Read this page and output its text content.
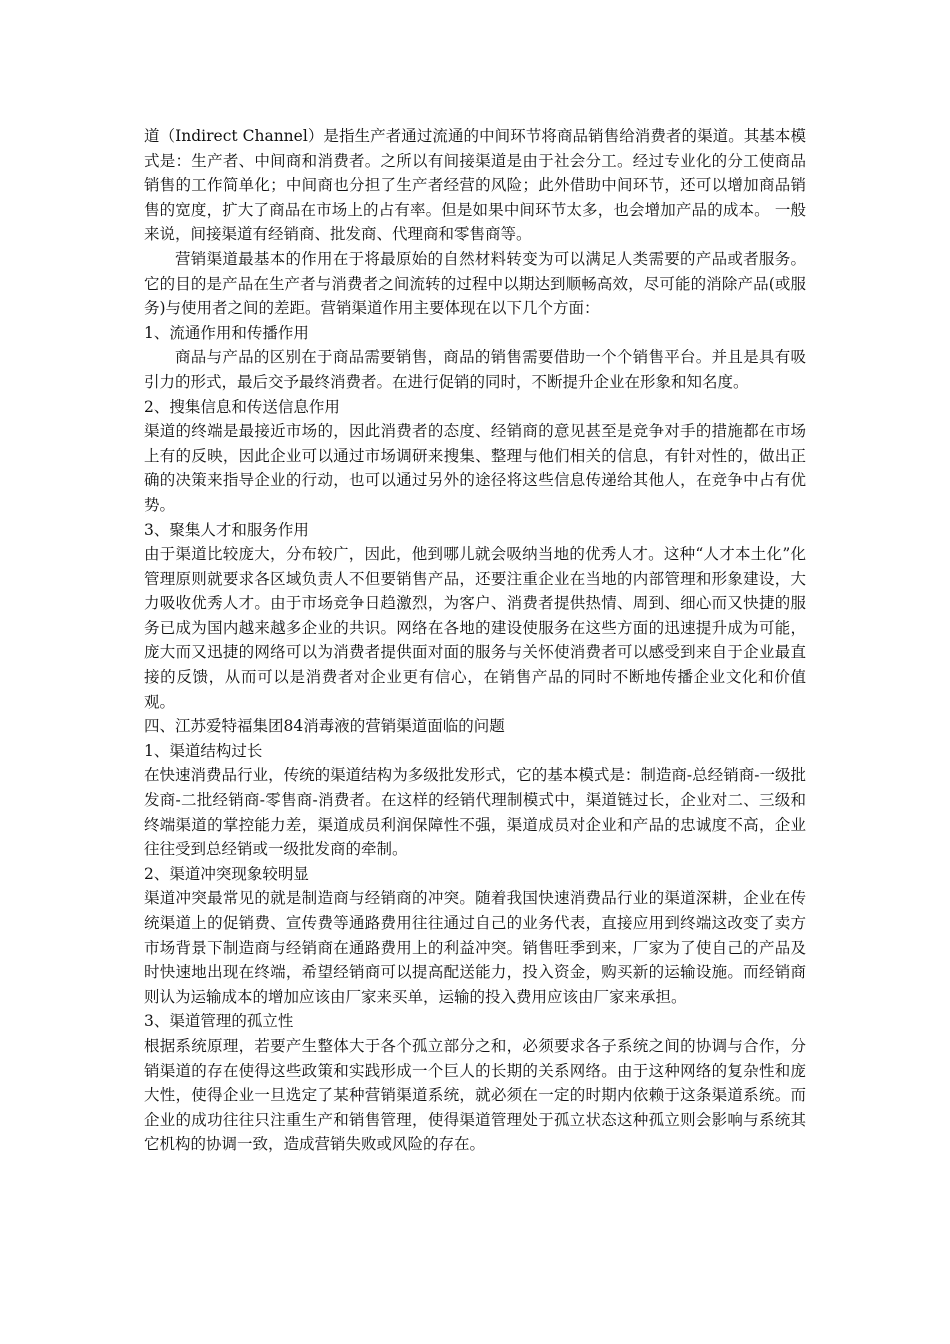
道（Indirect Channel）是指生产者通过流通的中间环节将商品销售给消费者的渠道。其基本模式是：生产者、中间商和消费者。之所以有间接渠道是由于社会分工。经过专业化的分工使商品销售的工作简单化；中间商也分担了生产者经营的风险；此外借助中间环节，还可以增加商品销售的宽度，扩大了商品在市场上的占有率。但是如果中间环节太多，也会增加产品的成本。 一般来说，间接渠道有经销商、批发商、代理商和零售商等。

营销渠道最基本的作用在于将最原始的自然材料转变为可以满足人类需要的产品或者服务。它的目的是产品在生产者与消费者之间流转的过程中以期达到顺畅高效，尽可能的消除产品(或服务)与使用者之间的差距。营销渠道作用主要体现在以下几个方面：

1、流通作用和传播作用

商品与产品的区别在于商品需要销售，商品的销售需要借助一个个销售平台。并且是具有吸引力的形式，最后交予最终消费者。在进行促销的同时，不断提升企业在形象和知名度。

2、搜集信息和传送信息作用

渠道的终端是最接近市场的，因此消费者的态度、经销商的意见甚至是竞争对手的措施都在市场上有的反映，因此企业可以通过市场调研来搜集、整理与他们相关的信息，有针对性的，做出正确的决策来指导企业的行动，也可以通过另外的途径将这些信息传递给其他人，在竞争中占有优势。

3、聚集人才和服务作用

由于渠道比较庞大，分布较广，因此，他到哪儿就会吸纳当地的优秀人才。这种“人才本土化”化管理原则就要求各区域负责人不但要销售产品，还要注重企业在当地的内部管理和形象建设，大力吸收优秀人才。由于市场竞争日趋激烈，为客户、消费者提供热情、周到、细心而又快捷的服务已成为国内越来越多企业的共识。网络在各地的建设使服务在这些方面的迅速提升成为可能，庞大而又迅捷的网络可以为消费者提供面对面的服务与关怀使消费者可以感受到来自于企业最直接的反馈，从而可以是消费者对企业更有信心，在销售产品的同时不断地传播企业文化和价值观。

四、江苏爱特福集团84消毒液的营销渠道面临的问题

1、渠道结构过长

在快速消费品行业，传统的渠道结构为多级批发形式，它的基本模式是：制造商-总经销商-一级批发商-二批经销商-零售商-消费者。在这样的经销代理制模式中，渠道链过长，企业对二、三级和终端渠道的掌控能力差，渠道成员利润保障性不强，渠道成员对企业和产品的忠诚度不高，企业往往受到总经销或一级批发商的牵制。

2、渠道冲突现象较明显

渠道冲突最常见的就是制造商与经销商的冲突。随着我国快速消费品行业的渠道深耕，企业在传统渠道上的促销费、宣传费等通路费用往往通过自己的业务代表，直接应用到终端这改变了卖方市场背景下制造商与经销商在通路费用上的利益冲突。销售旺季到来，厂家为了使自己的产品及时快速地出现在终端，希望经销商可以提高配送能力，投入资金，购买新的运输设施。而经销商则认为运输成本的增加应该由厂家来买单，运输的投入费用应该由厂家来承担。

3、渠道管理的孤立性

根据系统原理，若要产生整体大于各个孤立部分之和，必须要求各子系统之间的协调与合作，分销渠道的存在使得这些政策和实践形成一个巨人的长期的关系网络。由于这种网络的复杂性和庞大性，使得企业一旦选定了某种营销渠道系统，就必须在一定的时期内依赖于这条渠道系统。而企业的成功往往只注重生产和销售管理，使得渠道管理处于孤立状态这种孤立则会影响与系统其它机构的协调一致，造成营销失败或风险的存在。
